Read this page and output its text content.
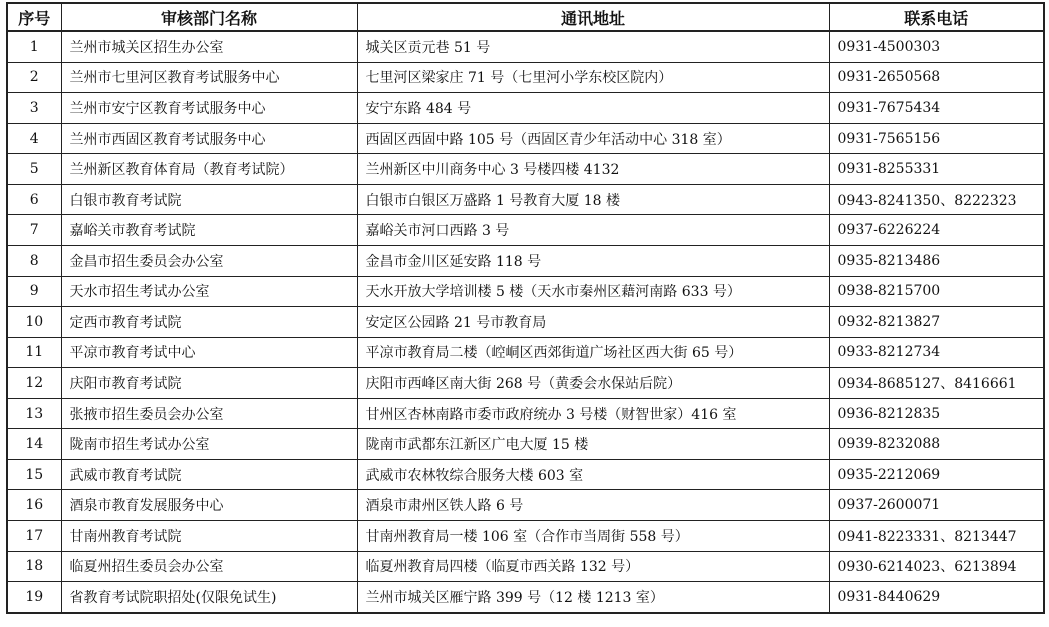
序号	审核部门名称	通讯地址	联系电话
1	兰州市城关区招生办公室	城关区贡元巷 51 号	0931-4500303
2	兰州市七里河区教育考试服务中心	七里河区梁家庄 71 号（七里河小学东校区院内）	0931-2650568
3	兰州市安宁区教育考试服务中心	安宁东路 484 号	0931-7675434
4	兰州市西固区教育考试服务中心	西固区西固中路 105 号（西固区青少年活动中心 318 室）	0931-7565156
5	兰州新区教育体育局（教育考试院）	兰州新区中川商务中心 3 号楼四楼 4132	0931-8255331
6	白银市教育考试院	白银市白银区万盛路 1 号教育大厦 18 楼	0943-8241350、8222323
7	嘉峪关市教育考试院	嘉峪关市河口西路 3 号	0937-6226224
8	金昌市招生委员会办公室	金昌市金川区延安路 118 号	0935-8213486
9	天水市招生考试办公室	天水开放大学培训楼 5 楼（天水市秦州区藉河南路 633 号）	0938-8215700
10	定西市教育考试院	安定区公园路 21 号市教育局	0932-8213827
11	平凉市教育考试中心	平凉市教育局二楼（崆峒区西郊街道广场社区西大街 65 号）	0933-8212734
12	庆阳市教育考试院	庆阳市西峰区南大街 268 号（黄委会水保站后院）	0934-8685127、8416661
13	张掖市招生委员会办公室	甘州区杏林南路市委市政府统办 3 号楼（财智世家）416 室	0936-8212835
14	陇南市招生考试办公室	陇南市武都东江新区广电大厦 15 楼	0939-8232088
15	武威市教育考试院	武威市农林牧综合服务大楼 603 室	0935-2212069
16	酒泉市教育发展服务中心	酒泉市肃州区铁人路 6 号	0937-2600071
17	甘南州教育考试院	甘南州教育局一楼 106 室（合作市当周街 558 号）	0941-8223331、8213447
18	临夏州招生委员会办公室	临夏州教育局四楼（临夏市西关路 132 号）	0930-6214023、6213894
19	省教育考试院职招处(仅限免试生)	兰州市城关区雁宁路 399 号（12 楼 1213 室）	0931-8440629
